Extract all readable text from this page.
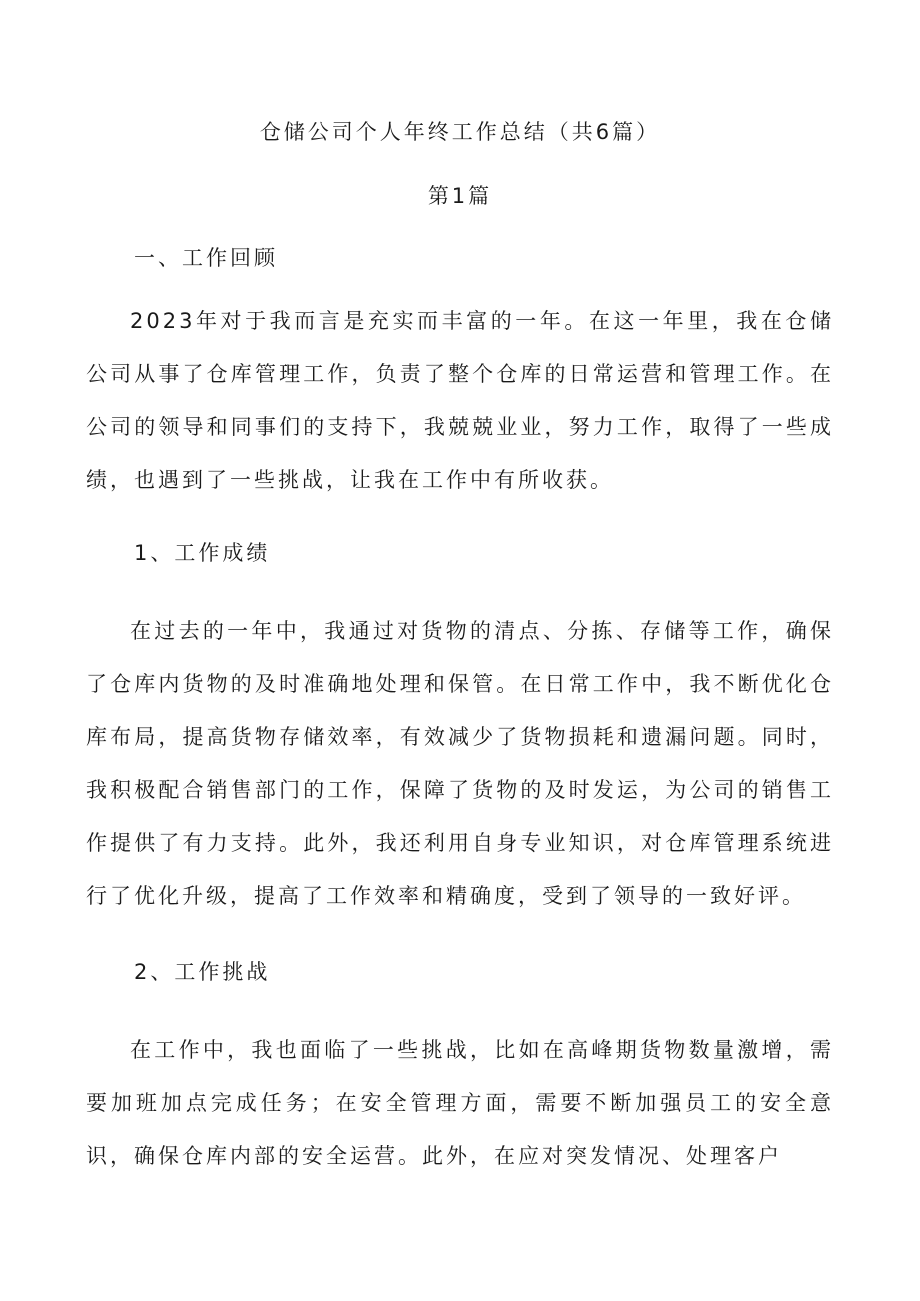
仓储公司个人年终工作总结（共6篇）
第1篇
一、工作回顾

2023年对于我而言是充实而丰富的一年。在这一年里，我在仓储公司从事了仓库管理工作，负责了整个仓库的日常运营和管理工作。在公司的领导和同事们的支持下，我兢兢业业，努力工作，取得了一些成绩，也遇到了一些挑战，让我在工作中有所收获。

1、工作成绩

在过去的一年中，我通过对货物的清点、分拣、存储等工作，确保了仓库内货物的及时准确地处理和保管。在日常工作中，我不断优化仓库布局，提高货物存储效率，有效减少了货物损耗和遗漏问题。同时，我积极配合销售部门的工作，保障了货物的及时发运，为公司的销售工作提供了有力支持。此外，我还利用自身专业知识，对仓库管理系统进行了优化升级，提高了工作效率和精确度，受到了领导的一致好评。

2、工作挑战

在工作中，我也面临了一些挑战，比如在高峰期货物数量激增，需要加班加点完成任务；在安全管理方面，需要不断加强员工的安全意识，确保仓库内部的安全运营。此外，在应对突发情况、处理客户
